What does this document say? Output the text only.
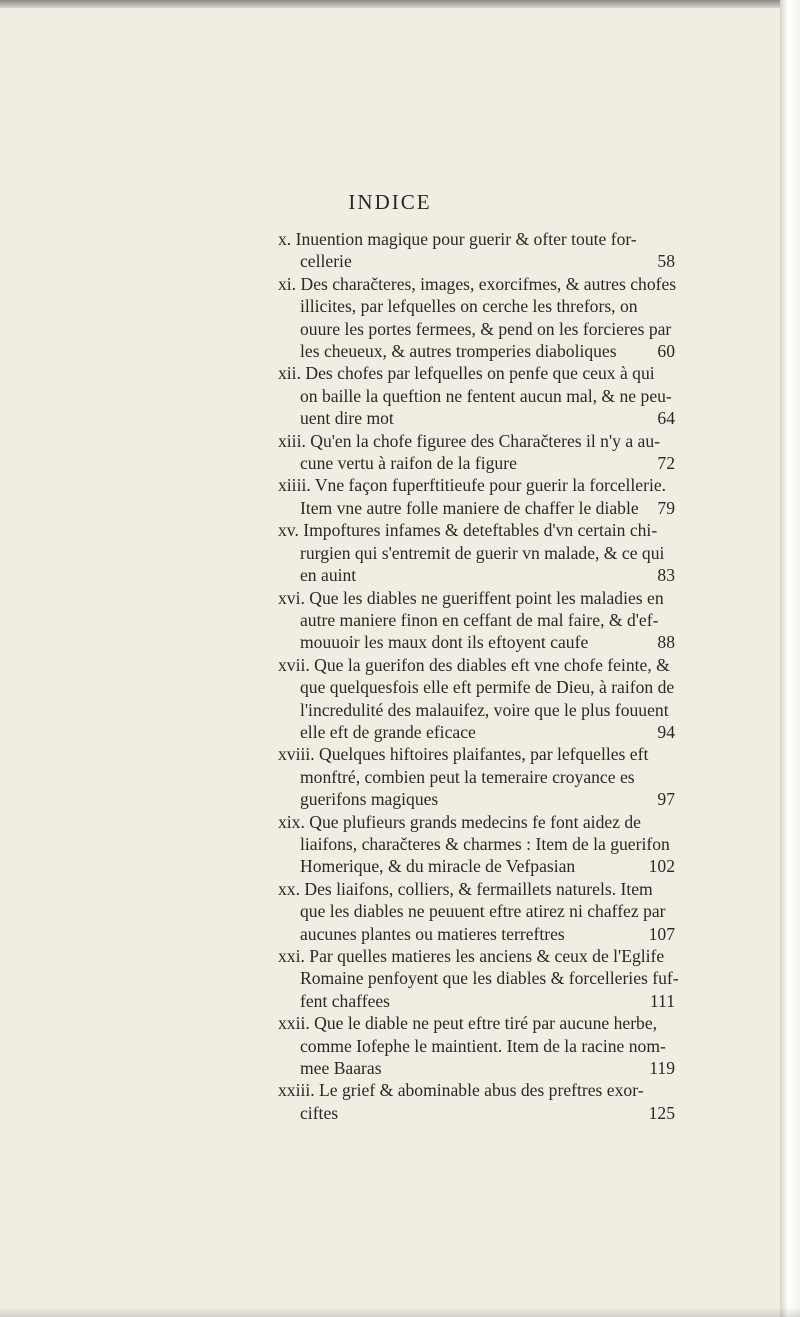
INDICE
x. Inuention magique pour guerir & ofter toute for-
cellerie	58
xi. Des charačteres, images, exorcifmes, & autres chofes
illicites, par lefquelles on cerche les threfors, on
ouure les portes fermees, & pend on les forcieres par
les cheueux, & autres tromperies diaboliques	60
xii. Des chofes par lefquelles on penfe que ceux à qui
on baille la queftion ne fentent aucun mal, & ne peu-
uent dire mot	64
xiii. Qu'en la chofe figuree des Charačteres il n'y a au-
cune vertu à raifon de la figure	72
xiiii. Vne façon fuperftitieufe pour guerir la forcellerie.
Item vne autre folle maniere de chaffer le diable	79
xv. Impoftures infames & deteftables d'vn certain chi-
rurgien qui s'entremit de guerir vn malade, & ce qui
en auint	83
xvi. Que les diables ne gueriffent point les maladies en
autre maniere finon en ceffant de mal faire, & d'ef-
mouuoir les maux dont ils eftoyent caufe	88
xvii. Que la guerifon des diables eft vne chofe feinte, &
que quelquesfois elle eft permife de Dieu, à raifon de
l'incredulité des malauifez, voire que le plus fouuent
elle eft de grande eficace	94
xviii. Quelques hiftoires plaifantes, par lefquelles eft
monftré, combien peut la temeraire croyance es
guerifons magiques	97
xix. Que plufieurs grands medecins fe font aidez de
liaifons, charačteres & charmes : Item de la guerifon
Homerique, & du miracle de Vefpasian	102
xx. Des liaifons, colliers, & fermaillets naturels. Item
que les diables ne peuuent eftre atirez ni chaffez par
aucunes plantes ou matieres terreftres	107
xxi. Par quelles matieres les anciens & ceux de l'Eglife
Romaine penfoyent que les diables & forcelleries fuf-
fent chaffees	111
xxii. Que le diable ne peut eftre tiré par aucune herbe,
comme Iofephe le maintient. Item de la racine nom-
mee Baaras	119
xxiii. Le grief & abominable abus des preftres exor-
ciftes	125
